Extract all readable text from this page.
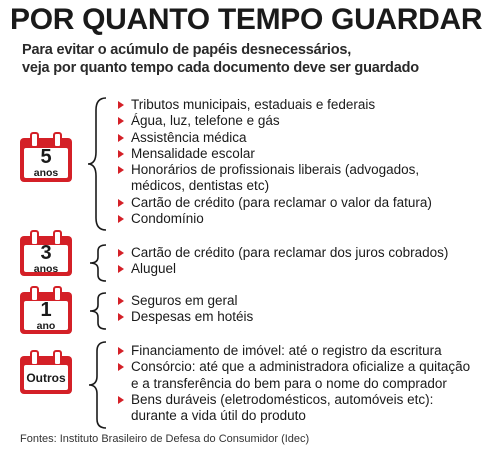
POR QUANTO TEMPO GUARDAR
Para evitar o acúmulo de papéis desnecessários,
veja por quanto tempo cada documento deve ser guardado
5
anos
Tributos municipais, estaduais e federais
Água, luz, telefone e gás
Assistência médica
Mensalidade escolar
Honorários de profissionais liberais (advogados,
médicos, dentistas etc)
Cartão de crédito (para reclamar o valor da fatura)
Condomínio
3
anos
Cartão de crédito (para reclamar dos juros cobrados)
Aluguel
1
ano
Seguros em geral
Despesas em hotéis
Outros
Financiamento de imóvel: até o registro da escritura
Consórcio: até que a administradora oficialize a quitação
e a transferência do bem para o nome do comprador
Bens duráveis (eletrodomésticos, automóveis etc):
durante a vida útil do produto
Fontes: Instituto Brasileiro de Defesa do Consumidor (Idec)
